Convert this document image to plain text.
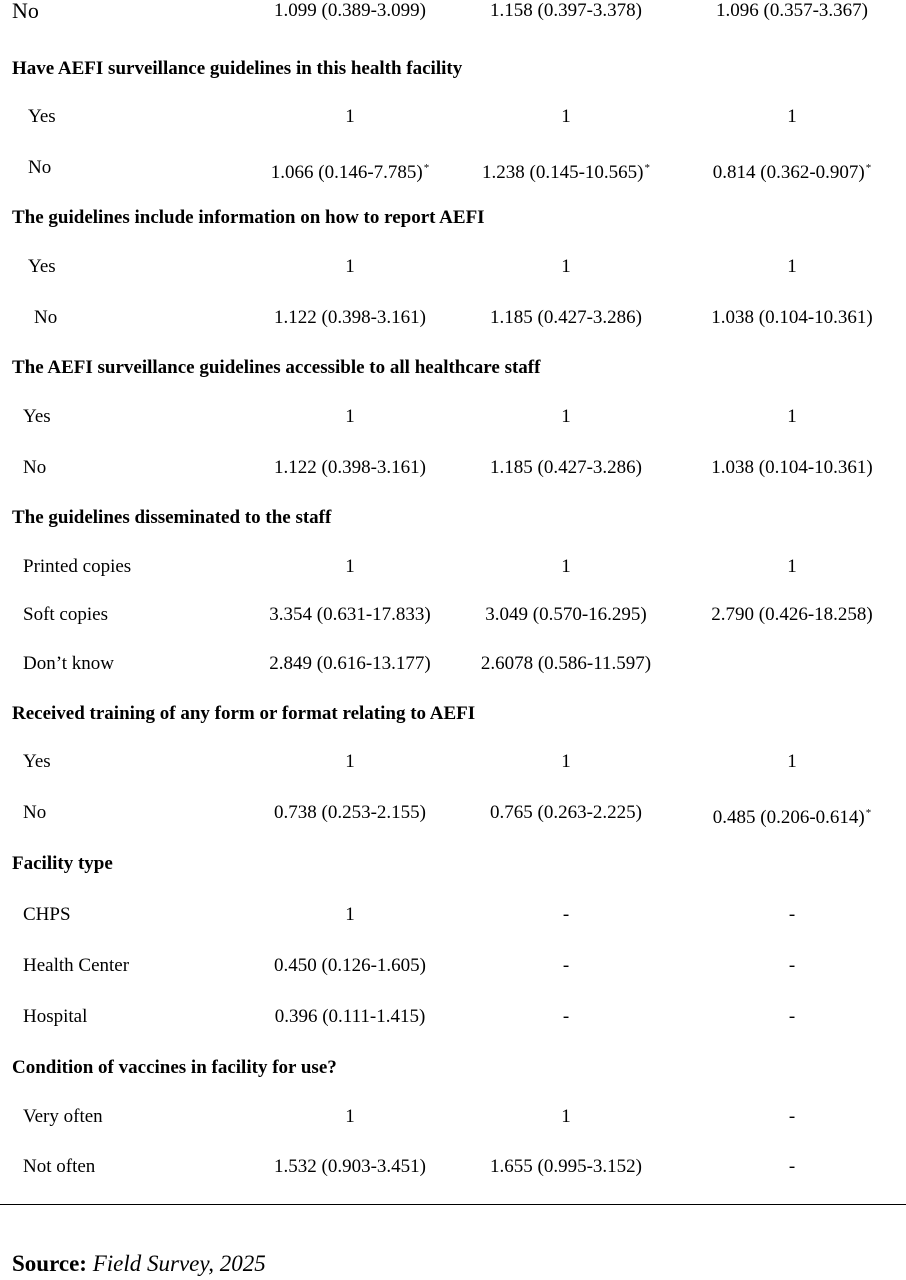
No	1.099 (0.389-3.099)	1.158 (0.397-3.378)	1.096 (0.357-3.367)
Have AEFI surveillance guidelines in this health facility
Yes	1	1	1
No	1.066 (0.146-7.785)*	1.238 (0.145-10.565)*	0.814 (0.362-0.907)*
The guidelines include information on how to report AEFI
Yes	1	1	1
No	1.122 (0.398-3.161)	1.185 (0.427-3.286)	1.038 (0.104-10.361)
The AEFI surveillance guidelines accessible to all healthcare staff
Yes	1	1	1
No	1.122 (0.398-3.161)	1.185 (0.427-3.286)	1.038 (0.104-10.361)
The guidelines disseminated to the staff
Printed copies	1	1	1
Soft copies	3.354 (0.631-17.833)	3.049 (0.570-16.295)	2.790 (0.426-18.258)
Don’t know	2.849 (0.616-13.177)	2.6078 (0.586-11.597)
Received training of any form or format relating to AEFI
Yes	1	1	1
No	0.738 (0.253-2.155)	0.765 (0.263-2.225)	0.485 (0.206-0.614)*
Facility type
CHPS	1	-	-
Health Center	0.450 (0.126-1.605)	-	-
Hospital	0.396 (0.111-1.415)	-	-
Condition of vaccines in facility for use?
Very often	1	1	-
Not often	1.532 (0.903-3.451)	1.655 (0.995-3.152)	-
Source: Field Survey, 2025
